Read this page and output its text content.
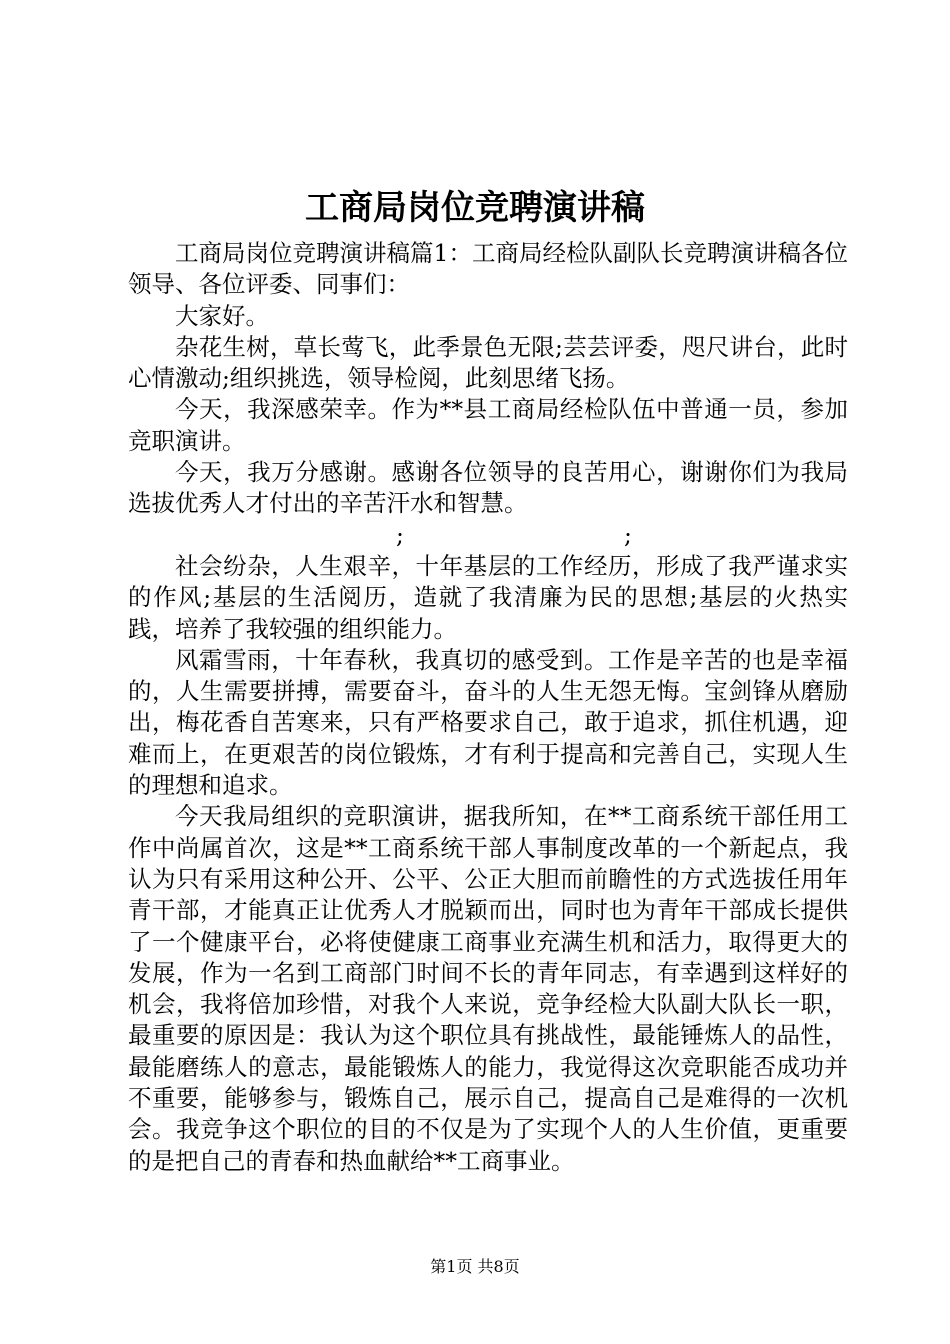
工商局岗位竞聘演讲稿

工商局岗位竞聘演讲稿篇1：工商局经检队副队长竞聘演讲稿各位领导、各位评委、同事们：

大家好。

杂花生树，草长莺飞，此季景色无限;芸芸评委，咫尺讲台，此时心情激动;组织挑选，领导检阅，此刻思绪飞扬。

今天，我深感荣幸。作为**县工商局经检队伍中普通一员，参加竞职演讲。

今天，我万分感谢。感谢各位领导的良苦用心，谢谢你们为我局选拔优秀人才付出的辛苦汗水和智慧。

;	;

社会纷杂，人生艰辛，十年基层的工作经历，形成了我严谨求实的作风;基层的生活阅历，造就了我清廉为民的思想;基层的火热实践，培养了我较强的组织能力。

风霜雪雨，十年春秋，我真切的感受到。工作是辛苦的也是幸福的，人生需要拼搏，需要奋斗，奋斗的人生无怨无悔。宝剑锋从磨励出，梅花香自苦寒来，只有严格要求自己，敢于追求，抓住机遇，迎难而上，在更艰苦的岗位锻炼，才有利于提高和完善自己，实现人生的理想和追求。

今天我局组织的竞职演讲，据我所知，在**工商系统干部任用工作中尚属首次，这是**工商系统干部人事制度改革的一个新起点，我认为只有采用这种公开、公平、公正大胆而前瞻性的方式选拔任用年青干部，才能真正让优秀人才脱颖而出，同时也为青年干部成长提供了一个健康平台，必将使健康工商事业充满生机和活力，取得更大的发展，作为一名到工商部门时间不长的青年同志，有幸遇到这样好的机会，我将倍加珍惜，对我个人来说，竞争经检大队副大队长一职，最重要的原因是：我认为这个职位具有挑战性，最能锤炼人的品性，最能磨练人的意志，最能锻炼人的能力，我觉得这次竞职能否成功并不重要，能够参与，锻炼自己，展示自己，提高自己是难得的一次机会。我竞争这个职位的目的不仅是为了实现个人的人生价值，更重要的是把自己的青春和热血献给**工商事业。

第1页 共8页
